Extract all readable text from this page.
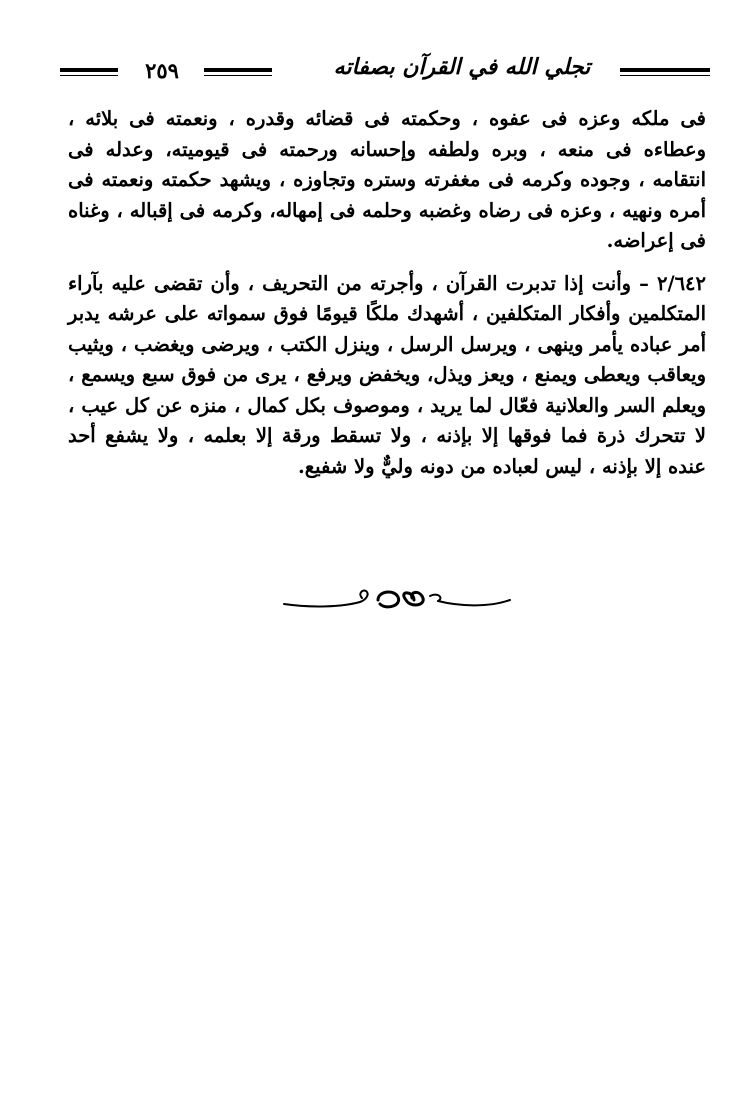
تجلي الله في القرآن بصفاته
٢٥٩

فى ملكه وعزه فى عفوه ، وحكمته فى قضائه وقدره ، ونعمته فى بلائه ، وعطاءه فى منعه ، وبره ولطفه وإحسانه ورحمته فى قيوميته، وعدله فى انتقامه ، وجوده وكرمه فى مغفرته وستره وتجاوزه ، ويشهد حكمته ونعمته فى أمره ونهيه ، وعزه فى رضاه وغضبه وحلمه فى إمهاله، وكرمه فى إقباله ، وغناه فى إعراضه.

٢/٦٤٢ – وأنت إذا تدبرت القرآن ، وأجرته من التحريف ، وأن تقضى عليه بآراء المتكلمين وأفكار المتكلفين ، أشهدك ملكًا قيومًا فوق سمواته على عرشه يدبر أمر عباده يأمر وينهى ، ويرسل الرسل ، وينزل الكتب ، ويرضى ويغضب ، ويثيب ويعاقب ويعطى ويمنع ، ويعز ويذل، ويخفض ويرفع ، يرى من فوق سبع ويسمع ، ويعلم السر والعلانية فعّال لما يريد ، وموصوف بكل كمال ، منزه عن كل عيب ، لا تتحرك ذرة فما فوقها إلا بإذنه ، ولا تسقط ورقة إلا بعلمه ، ولا يشفع أحد عنده إلا بإذنه ، ليس لعباده من دونه وليٌّ ولا شفيع.
